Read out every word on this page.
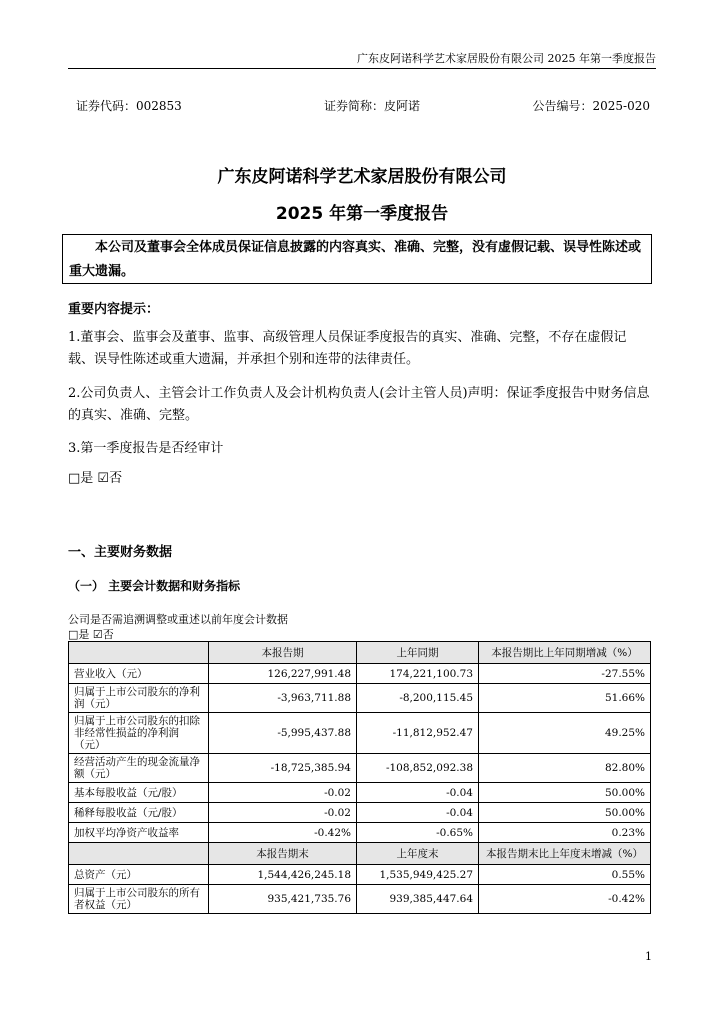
广东皮阿诺科学艺术家居股份有限公司 2025 年第一季度报告
证券代码：002853	证券简称：皮阿诺	公告编号：2025-020
广东皮阿诺科学艺术家居股份有限公司
2025 年第一季度报告

本公司及董事会全体成员保证信息披露的内容真实、准确、完整，没有虚假记载、误导性陈述或重大遗漏。

重要内容提示：

1.董事会、监事会及董事、监事、高级管理人员保证季度报告的真实、准确、完整，不存在虚假记载、误导性陈述或重大遗漏，并承担个别和连带的法律责任。

2.公司负责人、主管会计工作负责人及会计机构负责人(会计主管人员)声明：保证季度报告中财务信息的真实、准确、完整。

3.第一季度报告是否经审计

□是 ☑否

一、主要财务数据
（一） 主要会计数据和财务指标
公司是否需追溯调整或重述以前年度会计数据
□是 ☑否
	本报告期	上年同期	本报告期比上年同期增减（%）
营业收入（元）	126,227,991.48	174,221,100.73	-27.55%
归属于上市公司股东的净利润（元）	-3,963,711.88	-8,200,115.45	51.66%
归属于上市公司股东的扣除非经常性损益的净利润（元）	-5,995,437.88	-11,812,952.47	49.25%
经营活动产生的现金流量净额（元）	-18,725,385.94	-108,852,092.38	82.80%
基本每股收益（元/股）	-0.02	-0.04	50.00%
稀释每股收益（元/股）	-0.02	-0.04	50.00%
加权平均净资产收益率	-0.42%	-0.65%	0.23%
	本报告期末	上年度末	本报告期末比上年度末增减（%）
总资产（元）	1,544,426,245.18	1,535,949,425.27	0.55%
归属于上市公司股东的所有者权益（元）	935,421,735.76	939,385,447.64	-0.42%
1
